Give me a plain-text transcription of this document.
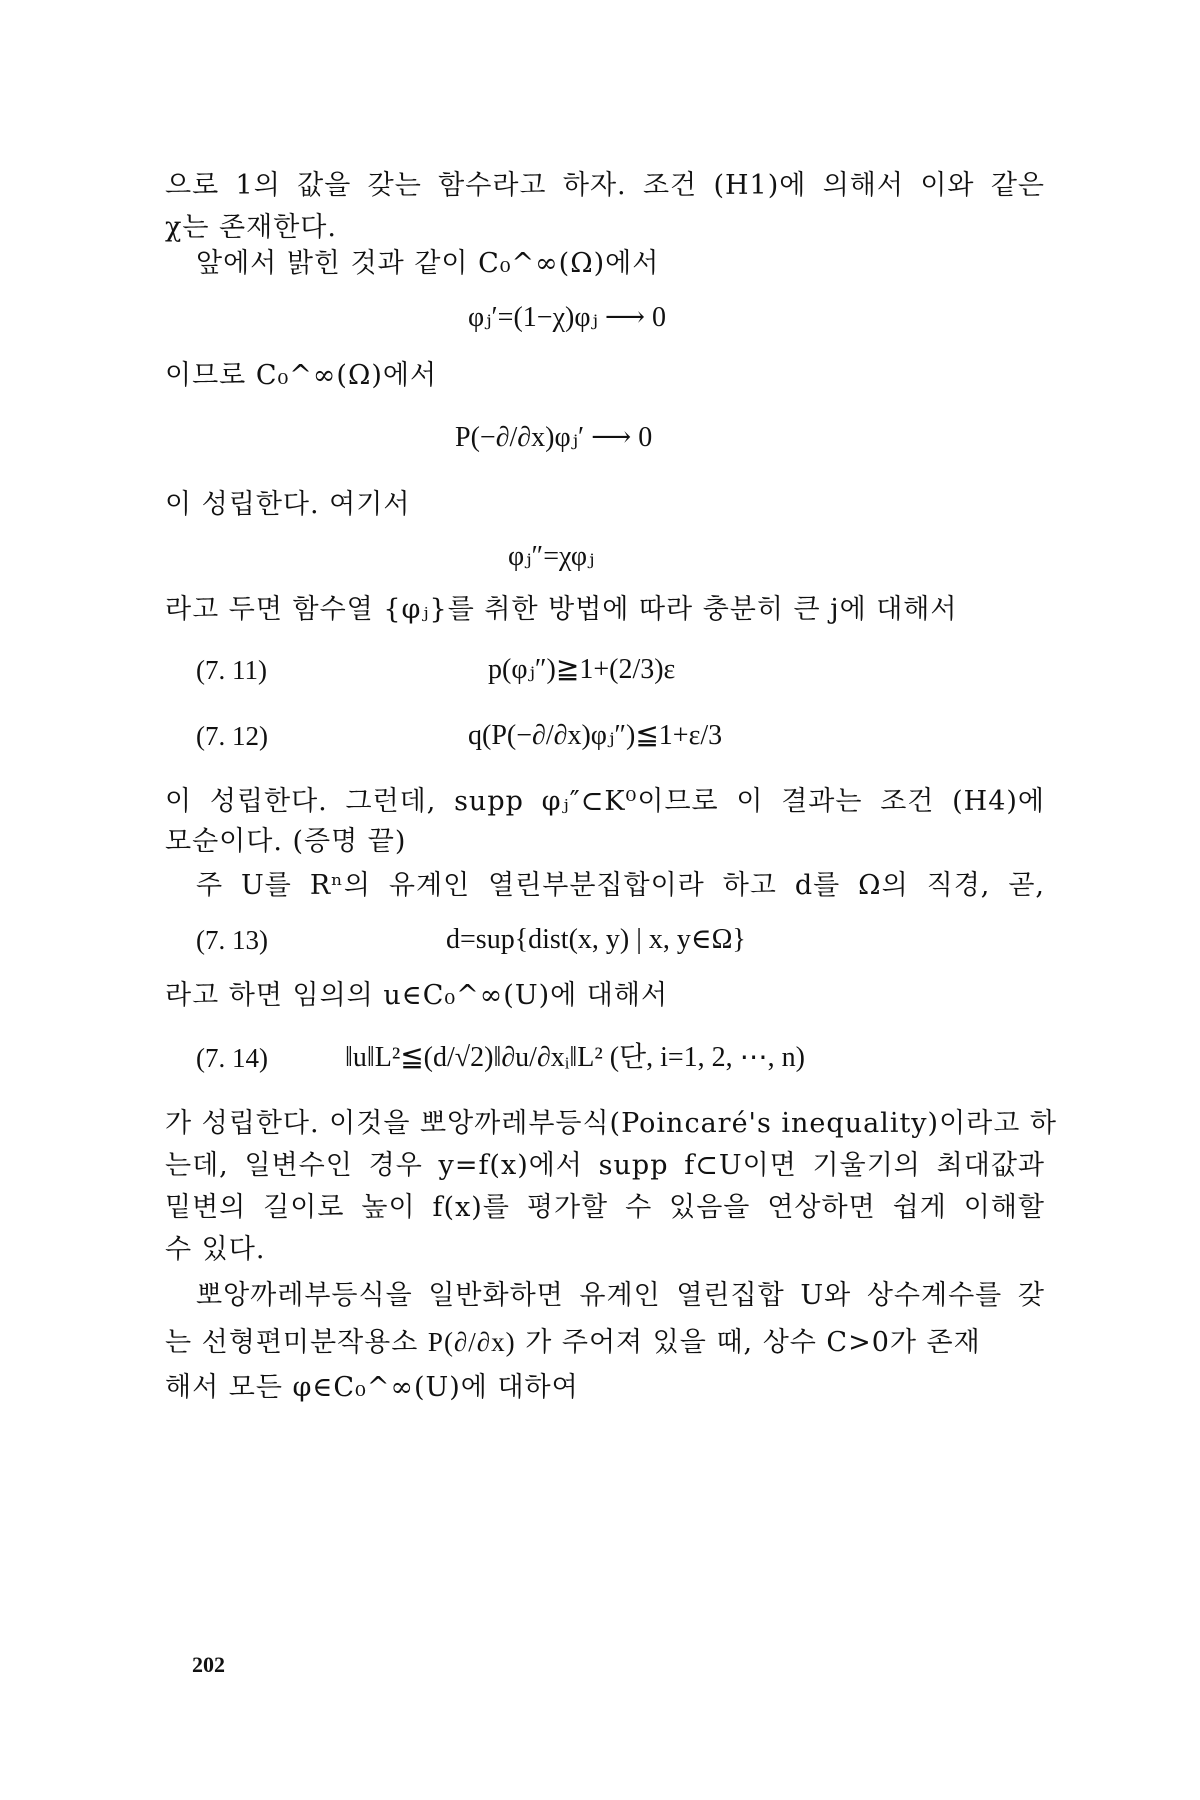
으로 1의 값을 갖는 함수라고 하자. 조건 (H1)에 의해서 이와 같은
χ는 존재한다.
앞에서 밝힌 것과 같이 C₀^∞(Ω)에서
φⱼ′=(1−χ)φⱼ ⟶ 0
이므로 C₀^∞(Ω)에서
P(−∂/∂x)φⱼ′ ⟶ 0
이 성립한다. 여기서
φⱼ″=χφⱼ
라고 두면 함수열 {φⱼ}를 취한 방법에 따라 충분히 큰 j에 대해서
(7. 11)	p(φⱼ″)≧1+(2/3)ε
(7. 12)	q(P(−∂/∂x)φⱼ″)≦1+ε/3
이 성립한다. 그런데, supp φⱼ″⊂K⁰이므로 이 결과는 조건 (H4)에
모순이다. (증명 끝)
주 U를 Rⁿ의 유계인 열린부분집합이라 하고 d를 Ω의 직경, 곧,
(7. 13)	d=sup{dist(x, y) | x, y∈Ω}
라고 하면 임의의 u∈C₀^∞(U)에 대해서
(7. 14)	‖u‖L²≦(d/√2)‖∂u/∂xᵢ‖L² (단, i=1, 2, ⋯, n)
가 성립한다. 이것을 뽀앙까레부등식(Poincaré's inequality)이라고 하
는데, 일변수인 경우 y=f(x)에서 supp f⊂U이면 기울기의 최대값과
밑변의 길이로 높이 f(x)를 평가할 수 있음을 연상하면 쉽게 이해할
수 있다.
뽀앙까레부등식을 일반화하면 유계인 열린집합 U와 상수계수를 갖
는 선형편미분작용소 P(∂/∂x) 가 주어져 있을 때, 상수 C>0가 존재
해서 모든 φ∈C₀^∞(U)에 대하여
202
